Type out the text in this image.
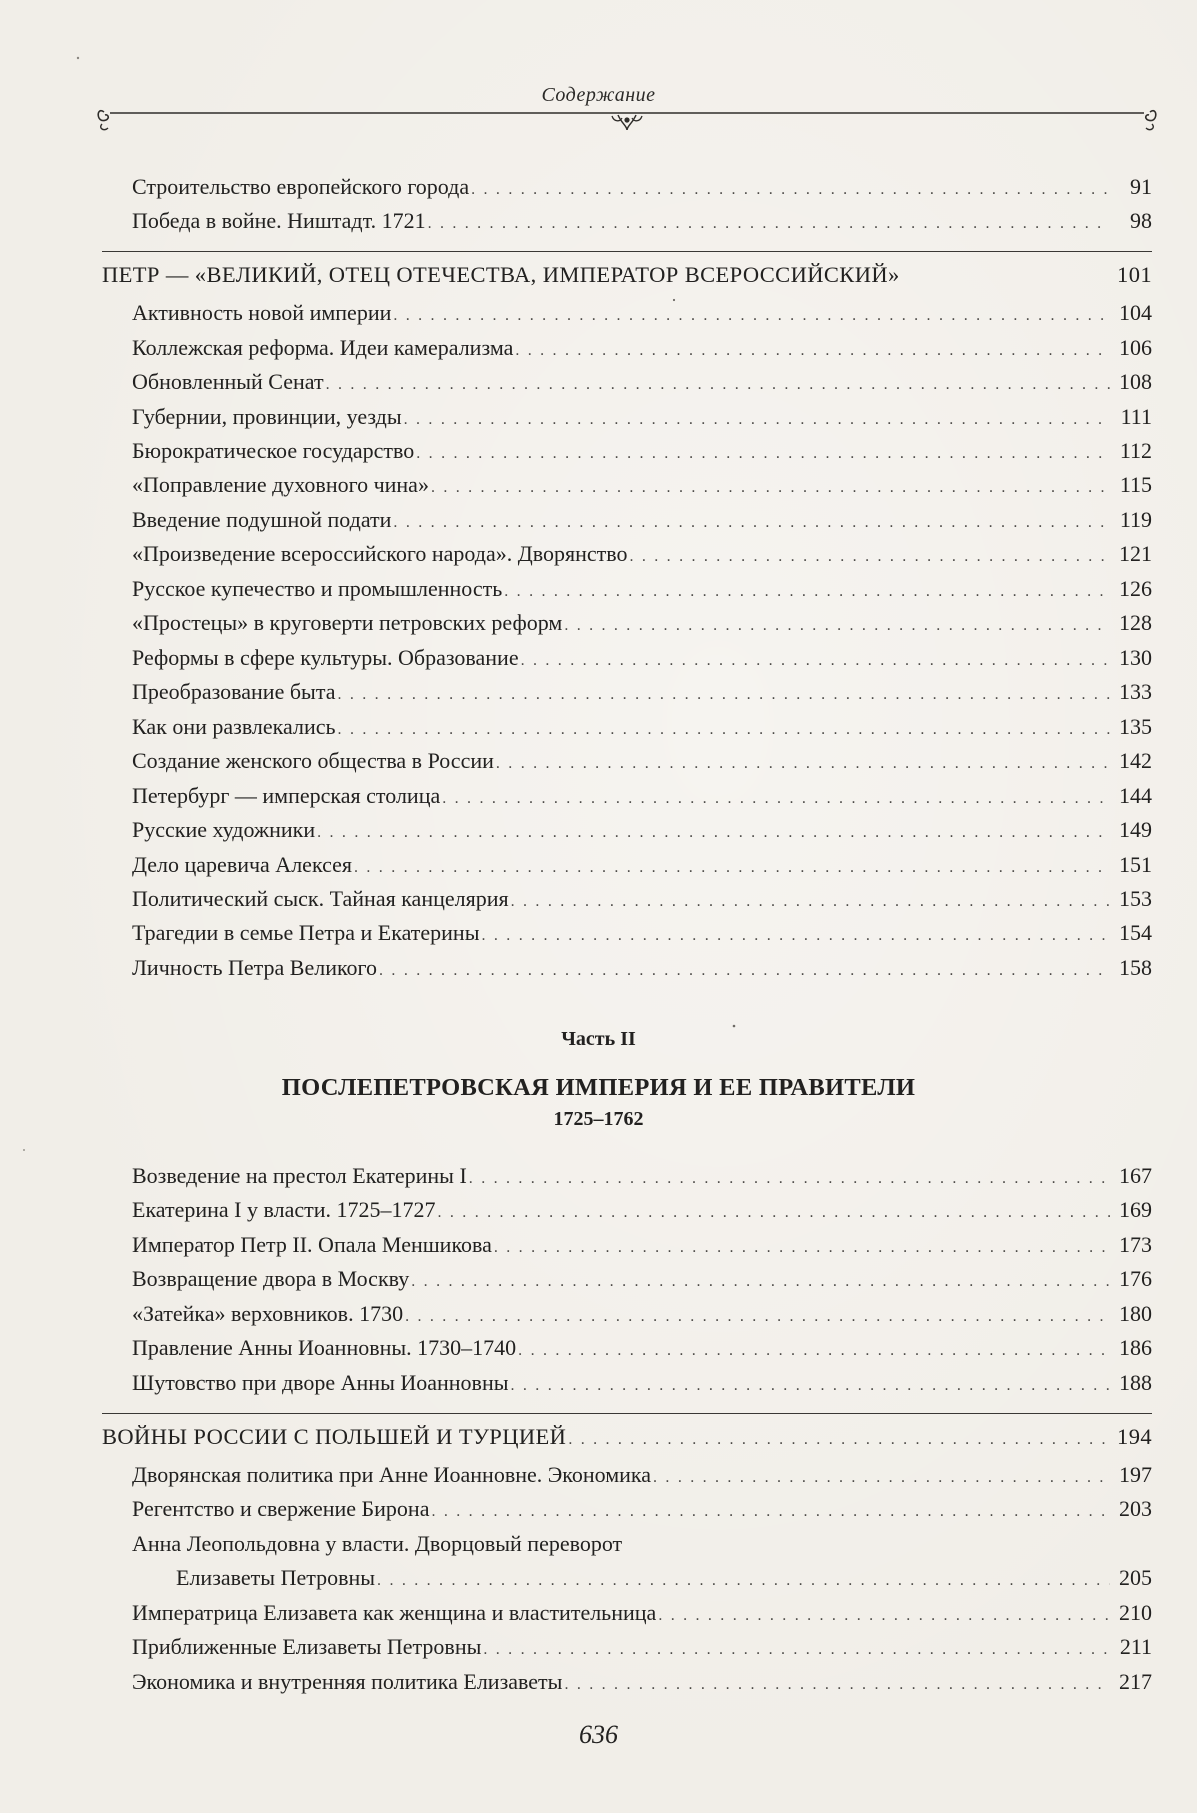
Содержание
Строительство европейского города . . .	91
Победа в войне. Ништадт. 1721 . . .	98
ПЕТР — «ВЕЛИКИЙ, ОТЕЦ ОТЕЧЕСТВА, ИМПЕРАТОР ВСЕРОССИЙСКИЙ»	101
Активность новой империи . . .	104
Коллежская реформа. Идеи камерализма . . .	106
Обновленный Сенат . . .	108
Губернии, провинции, уезды . . .	111
Бюрократическое государство . . .	112
«Поправление духовного чина» . . .	115
Введение подушной подати . . .	119
«Произведение всероссийского народа». Дворянство . . .	121
Русское купечество и промышленность . . .	126
«Простецы» в круговерти петровских реформ . . .	128
Реформы в сфере культуры. Образование . . .	130
Преобразование быта . . .	133
Как они развлекались . . .	135
Создание женского общества в России . . .	142
Петербург — имперская столица . . .	144
Русские художники . . .	149
Дело царевича Алексея . . .	151
Политический сыск. Тайная канцелярия . . .	153
Трагедии в семье Петра и Екатерины . . .	154
Личность Петра Великого . . .	158
Часть II
ПОСЛЕПЕТРОВСКАЯ ИМПЕРИЯ И ЕЕ ПРАВИТЕЛИ
1725–1762
Возведение на престол Екатерины I . . .	167
Екатерина I у власти. 1725–1727 . . .	169
Император Петр II. Опала Меншикова . . .	173
Возвращение двора в Москву . . .	176
«Затейка» верховников. 1730 . . .	180
Правление Анны Иоанновны. 1730–1740 . . .	186
Шутовство при дворе Анны Иоанновны . . .	188
ВОЙНЫ РОССИИ С ПОЛЬШЕЙ И ТУРЦИЕЙ . . .	194
Дворянская политика при Анне Иоанновне. Экономика . . .	197
Регентство и свержение Бирона . . .	203
Анна Леопольдовна у власти. Дворцовый переворот
Елизаветы Петровны . . .	205
Императрица Елизавета как женщина и властительница . . .	210
Приближенные Елизаветы Петровны . . .	211
Экономика и внутренняя политика Елизаветы . . .	217
636
